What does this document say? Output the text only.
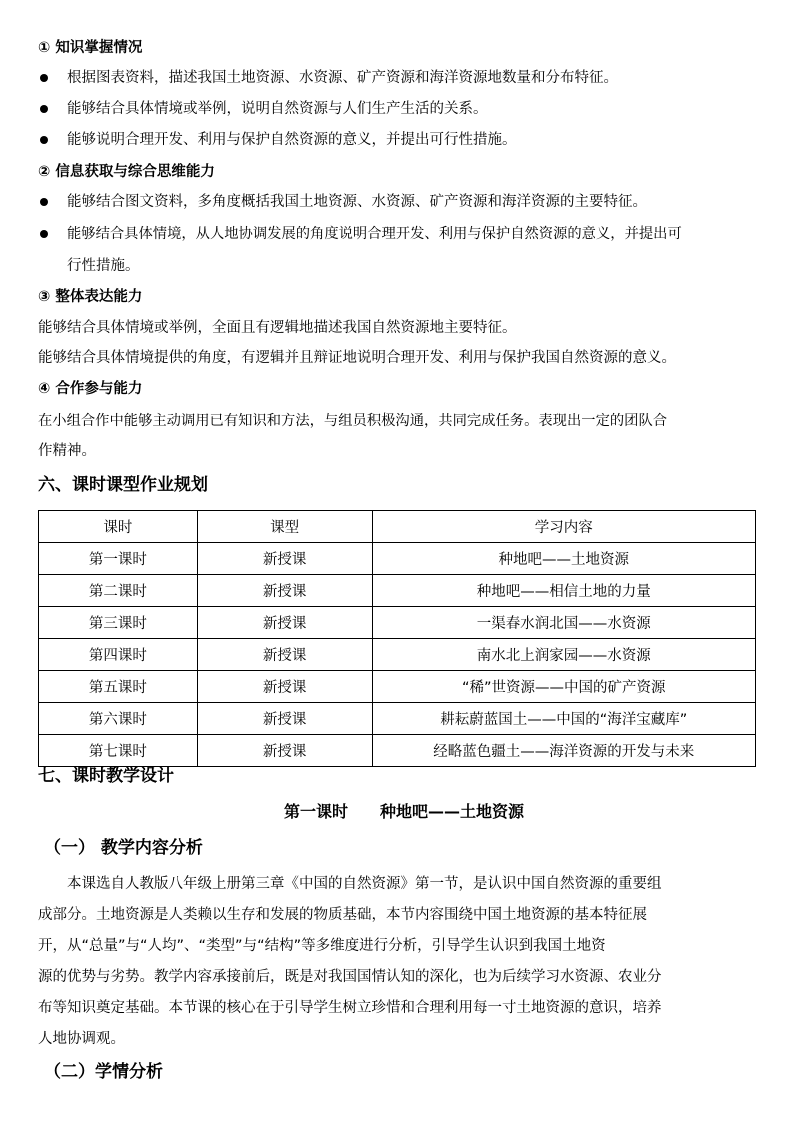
① 知识掌握情况
根据图表资料，描述我国土地资源、水资源、矿产资源和海洋资源地数量和分布特征。
能够结合具体情境或举例，说明自然资源与人们生产生活的关系。
能够说明合理开发、利用与保护自然资源的意义，并提出可行性措施。
② 信息获取与综合思维能力
能够结合图文资料，多角度概括我国土地资源、水资源、矿产资源和海洋资源的主要特征。
能够结合具体情境，从人地协调发展的角度说明合理开发、利用与保护自然资源的意义，并提出可
行性措施。
③ 整体表达能力
能够结合具体情境或举例，全面且有逻辑地描述我国自然资源地主要特征。
能够结合具体情境提供的角度，有逻辑并且辩证地说明合理开发、利用与保护我国自然资源的意义。
④ 合作参与能力
在小组合作中能够主动调用已有知识和方法，与组员积极沟通，共同完成任务。表现出一定的团队合
作精神。
六、课时课型作业规划
课时	课型	学习内容
第一课时	新授课	种地吧——土地资源
第二课时	新授课	种地吧——相信土地的力量
第三课时	新授课	一渠春水润北国——水资源
第四课时	新授课	南水北上润家园——水资源
第五课时	新授课	“稀”世资源——中国的矿产资源
第六课时	新授课	耕耘蔚蓝国土——中国的“海洋宝藏库”
第七课时	新授课	经略蓝色疆土——海洋资源的开发与未来
七、课时教学设计
第一课时　　种地吧——土地资源
（一） 教学内容分析
本课选自人教版八年级上册第三章《中国的自然资源》第一节，是认识中国自然资源的重要组
成部分。土地资源是人类赖以生存和发展的物质基础，本节内容围绕中国土地资源的基本特征展
开，从“总量”与“人均”、“类型”与“结构”等多维度进行分析，引导学生认识到我国土地资
源的优势与劣势。教学内容承接前后，既是对我国国情认知的深化，也为后续学习水资源、农业分
布等知识奠定基础。本节课的核心在于引导学生树立珍惜和合理利用每一寸土地资源的意识，培养
人地协调观。
（二）学情分析
